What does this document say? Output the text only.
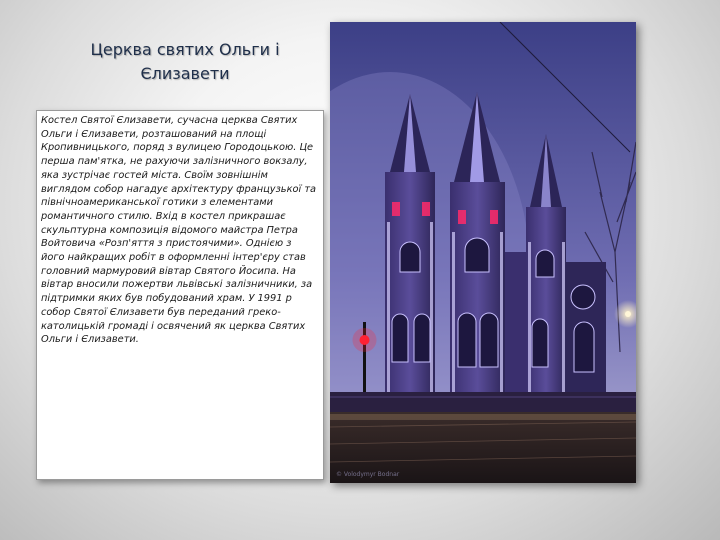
Церква святих Ольги і
Єлизавети

Костел Святої Єлизавети, сучасна церква Святих Ольги і Єлизавети, розташований на площі Кропивницького, поряд з вулицею Городоцькою. Це перша пам'ятка, не рахуючи залізничного вокзалу, яка зустрічає гостей міста. Своїм зовнішнім виглядом собор нагадує архітектуру французької та північноамериканської готики з елементами романтичного стилю. Вхід в костел прикрашає скульптурна композиція відомого майстра Петра Войтовича «Розп'яття з пристоячими». Однією з його найкращих робіт в оформленні інтер'єру став головний мармуровий вівтар Святого Йосипа. На вівтар вносили пожертви львівські залізничники, за підтримки яких був побудований храм. У 1991 р собор Святої Єлизавети був переданий греко-католицькій громаді і освячений як церква Святих Ольги і Єлизавети.

© Volodymyr Bodnar
